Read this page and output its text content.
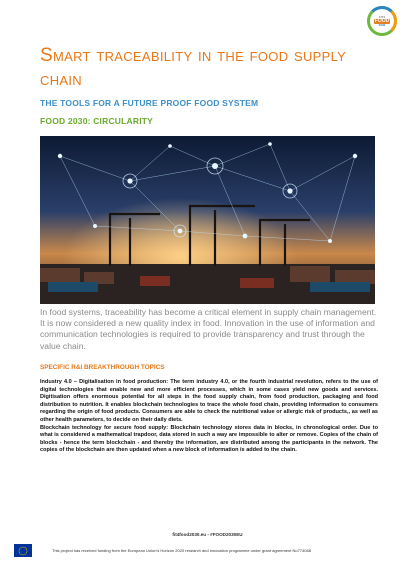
FIT4
FOOD
2030
Smart traceability in the food supply chain
THE TOOLS FOR A FUTURE PROOF FOOD SYSTEM
FOOD 2030: CIRCULARITY

In food systems, traceability has become a critical element in supply chain management. It is now considered a new quality index in food. Innovation in the use of information and communication technologies is required to provide transparency and trust through the value chain.

SPECIFIC R&I BREAKTHROUGH TOPICS

Industry 4.0 – Digitalisation in food production: The term industry 4.0, or the fourth industrial revolution, refers to the use of digital technologies that enable new and more efficient processes, which in some cases yield new goods and services. Digitisation offers enormous potential for all steps in the food supply chain, from food production, packaging and food distribution to nutrition. It enables blockchain technologies to trace the whole food chain, providing information to consumers regarding the origin of food products. Consumers are able to check the nutritional value or allergic risk of products,, as well as other health parameters, to decide on their daily diets.

Blockchain technology for secure food supply: Blockchain technology stores data in blocks, in chronological order. Due to what is considered a mathematical trapdoor, data stored in such a way are impossible to alter or remove. Copies of the chain of blocks - hence the term blockchain - and thereby the information, are distributed among the participants in the network. The copies of the blockchain are then updated when a new block of information is added to the chain.

fit4food2030.eu - #FOOD2030EU

This project has received funding from the European Union's Horizon 2020 research and innovation programme under grant agreement No774088
